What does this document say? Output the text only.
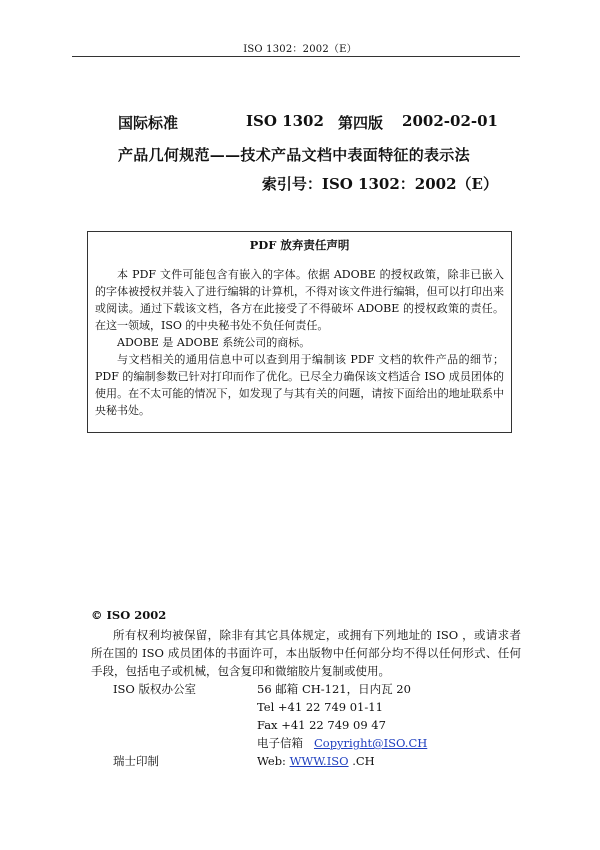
ISO 1302：2002（E）
国际标准	ISO 1302 第四版 2002-02-01
产品几何规范——技术产品文档中表面特征的表示法
索引号：ISO 1302：2002（E）
PDF 放弃责任声明

本 PDF 文件可能包含有嵌入的字体。依据 ADOBE 的授权政策，除非已嵌入的字体被授权并装入了进行编辑的计算机，不得对该文件进行编辑，但可以打印出来或阅读。通过下载该文档，各方在此接受了不得破坏 ADOBE 的授权政策的责任。在这一领域，ISO 的中央秘书处不负任何责任。

ADOBE 是 ADOBE 系统公司的商标。

与文档相关的通用信息中可以查到用于编制该 PDF 文档的软件产品的细节；PDF 的编制参数已针对打印而作了优化。已尽全力确保该文档适合 ISO 成员团体的使用。在不太可能的情况下，如发现了与其有关的问题，请按下面给出的地址联系中央秘书处。

© ISO 2002

所有权利均被保留，除非有其它具体规定，或拥有下列地址的 ISO ，或请求者所在国的 ISO 成员团体的书面许可，本出版物中任何部分均不得以任何形式、任何手段，包括电子或机械，包含复印和微缩胶片复制或使用。

ISO 版权办公室	56 邮箱 CH-121，日内瓦 20
Tel +41 22 749 01-11
Fax +41 22 749 09 47
电子信箱 Copyright@ISO.CH
Web: WWW.ISO .CH
瑞士印制
